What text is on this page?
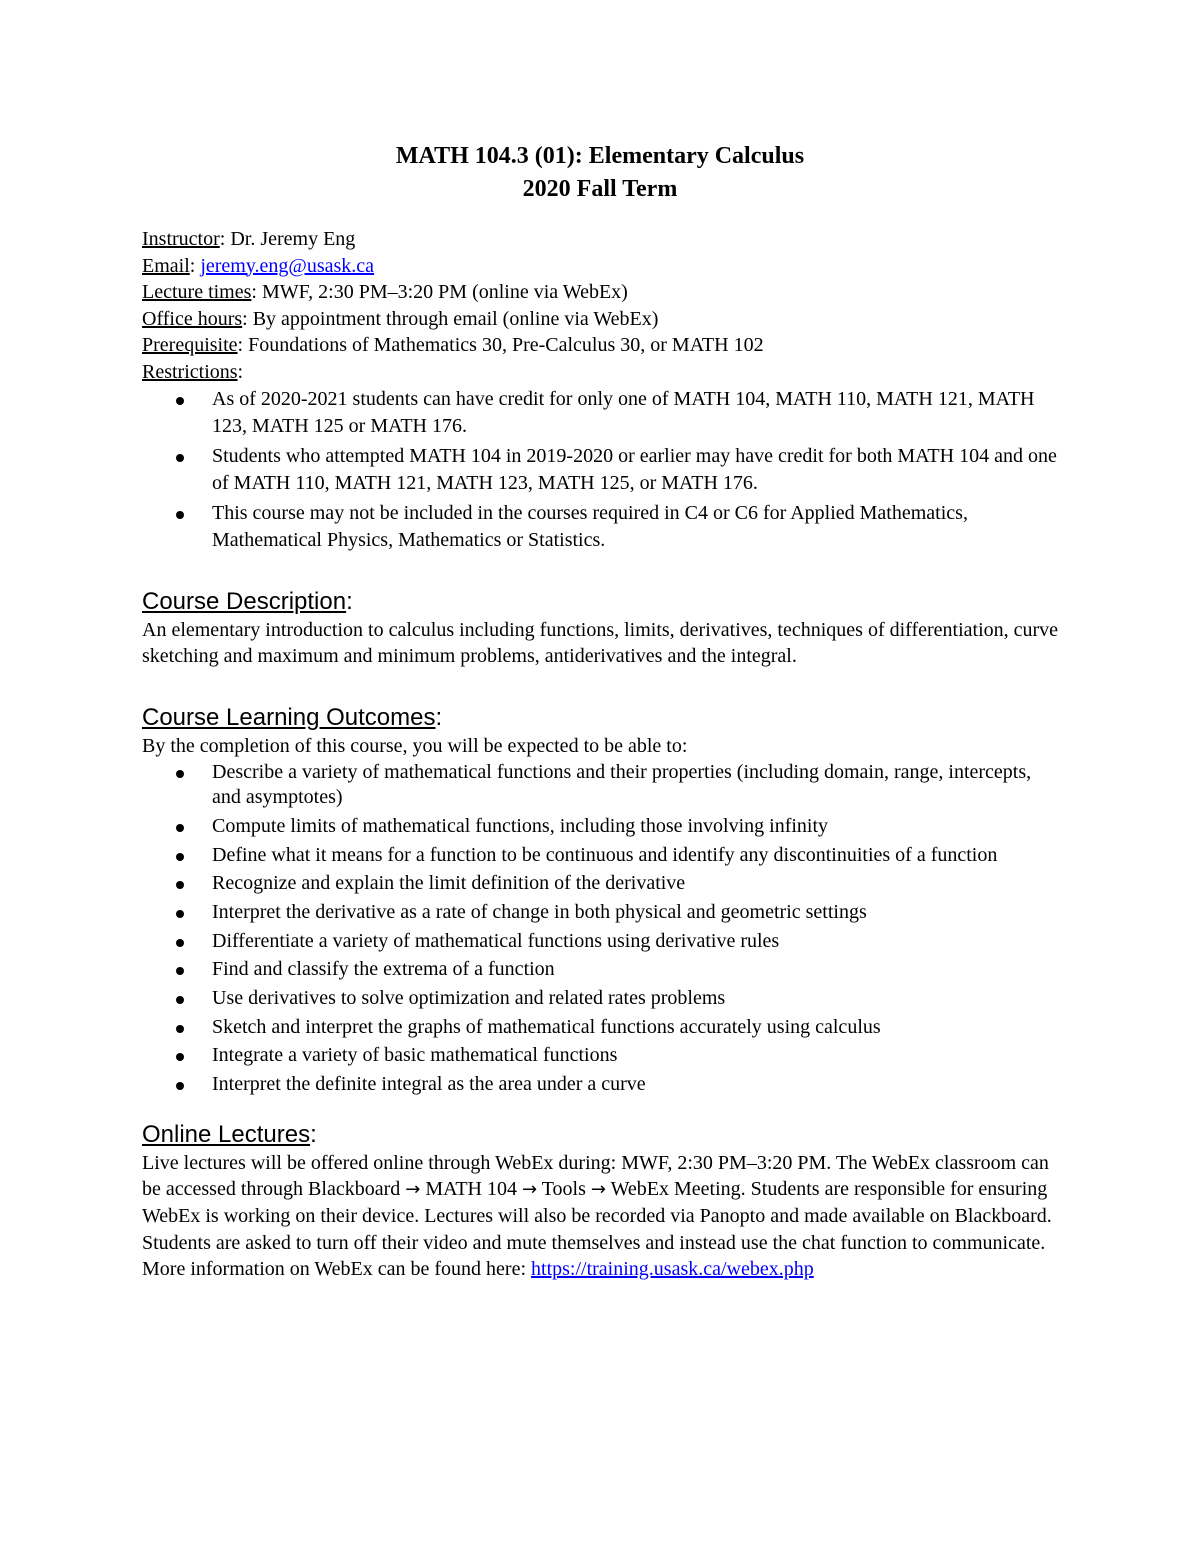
MATH 104.3 (01): Elementary Calculus
2020 Fall Term
Instructor: Dr. Jeremy Eng
Email: jeremy.eng@usask.ca
Lecture times: MWF, 2:30 PM–3:20 PM (online via WebEx)
Office hours: By appointment through email (online via WebEx)
Prerequisite: Foundations of Mathematics 30, Pre-Calculus 30, or MATH 102
Restrictions:
As of 2020-2021 students can have credit for only one of MATH 104, MATH 110, MATH 121, MATH 123, MATH 125 or MATH 176.
Students who attempted MATH 104 in 2019-2020 or earlier may have credit for both MATH 104 and one of MATH 110, MATH 121, MATH 123, MATH 125, or MATH 176.
This course may not be included in the courses required in C4 or C6 for Applied Mathematics, Mathematical Physics, Mathematics or Statistics.
Course Description:
An elementary introduction to calculus including functions, limits, derivatives, techniques of differentiation, curve sketching and maximum and minimum problems, antiderivatives and the integral.
Course Learning Outcomes:
By the completion of this course, you will be expected to be able to:
Describe a variety of mathematical functions and their properties (including domain, range, intercepts, and asymptotes)
Compute limits of mathematical functions, including those involving infinity
Define what it means for a function to be continuous and identify any discontinuities of a function
Recognize and explain the limit definition of the derivative
Interpret the derivative as a rate of change in both physical and geometric settings
Differentiate a variety of mathematical functions using derivative rules
Find and classify the extrema of a function
Use derivatives to solve optimization and related rates problems
Sketch and interpret the graphs of mathematical functions accurately using calculus
Integrate a variety of basic mathematical functions
Interpret the definite integral as the area under a curve
Online Lectures:
Live lectures will be offered online through WebEx during: MWF, 2:30 PM–3:20 PM. The WebEx classroom can be accessed through Blackboard → MATH 104 → Tools → WebEx Meeting. Students are responsible for ensuring WebEx is working on their device. Lectures will also be recorded via Panopto and made available on Blackboard. Students are asked to turn off their video and mute themselves and instead use the chat function to communicate. More information on WebEx can be found here: https://training.usask.ca/webex.php
